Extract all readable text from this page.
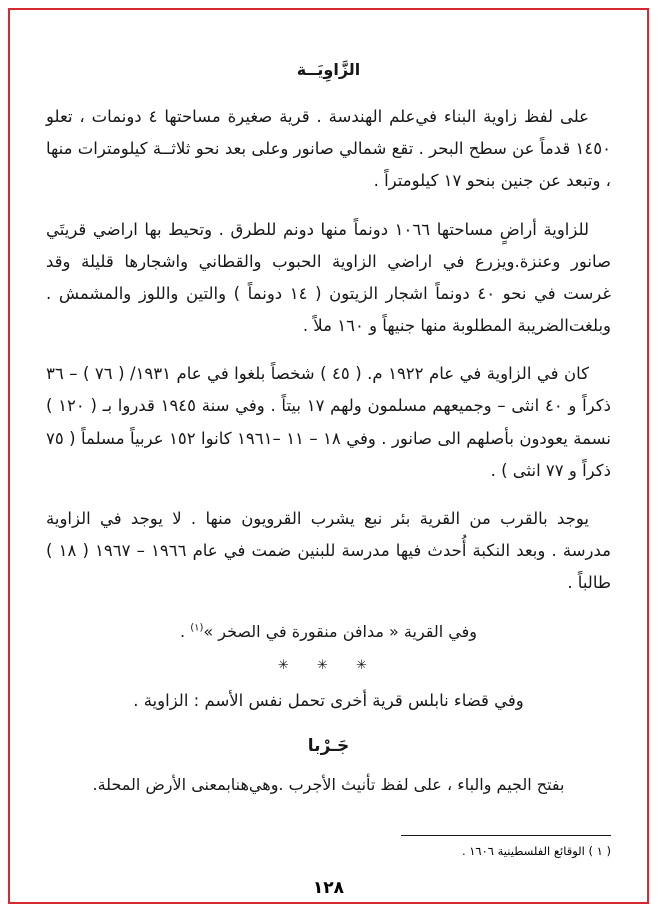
الزَّاوِيَــة

على لفظ زاوية البناء في‌علم الهندسة . قرية صغيرة مساحتها ٤ دونمات ، تعلو ١٤٥٠ قدماً عن سطح البحر . تقع شمالي صانور وعلى بعد نحو ثلاثــة كيلومترات منها ، وتبعد عن جنين بنحو ١٧ كيلومتراً .

للزاوية أراضٍ مساحتها ١٠٦٦ دونماً منها دونم للطرق . وتحيط بها اراضي قريتَي صانور وعنزة.ويزرع في اراضي الزاوية الحبوب والقطاني واشجارها قليلة وقد غرست في نحو ٤٠ دونماً اشجار الزيتون ( ١٤ دونماً ) والتين واللوز والمشمش . وبلغت‌الضريبة المطلوبة منها جنيهاً و ١٦٠ ملاً .

كان في الزاوية في عام ١٩٢٢ م. ( ٤٥ ) شخصاً بلغوا في عام ١٩٣١/ ( ٧٦ ) – ٣٦ ذكراً و ٤٠ انثى – وجميعهم مسلمون ولهم ١٧ بيتاً . وفي سنة ١٩٤٥ قدروا بـ ( ١٢٠ ) نسمة يعودون بأصلهم الى صانور . وفي ١٨ – ١١ –١٩٦١ كانوا ١٥٢ عربياً مسلماً ( ٧٥ ذكراً و ٧٧ انثى ) .

يوجد بالقرب من القرية بئر نبع يشرب القرويون منها . لا يوجد في الزاوية مدرسة . وبعد النكبة أُحدث فيها مدرسة للبنين ضمت في عام ١٩٦٦ – ١٩٦٧ ( ١٨ ) طالباً .

وفي القرية « مدافن منقورة في الصخر »$^{(١)}$ .

✳ ✳ ✳

وفي قضاء نابلس قرية أخرى تحمل نفس الأسم : الزاوية .

جَـرْبا

بفتح الجيم والباء ، على لفظ تأنيث الأجرب .وهي‌هنا‌بمعنى الأرض المحلة.

( ١ ) الوقائع الفلسطينية ١٦٠٦ .
١٢٨
